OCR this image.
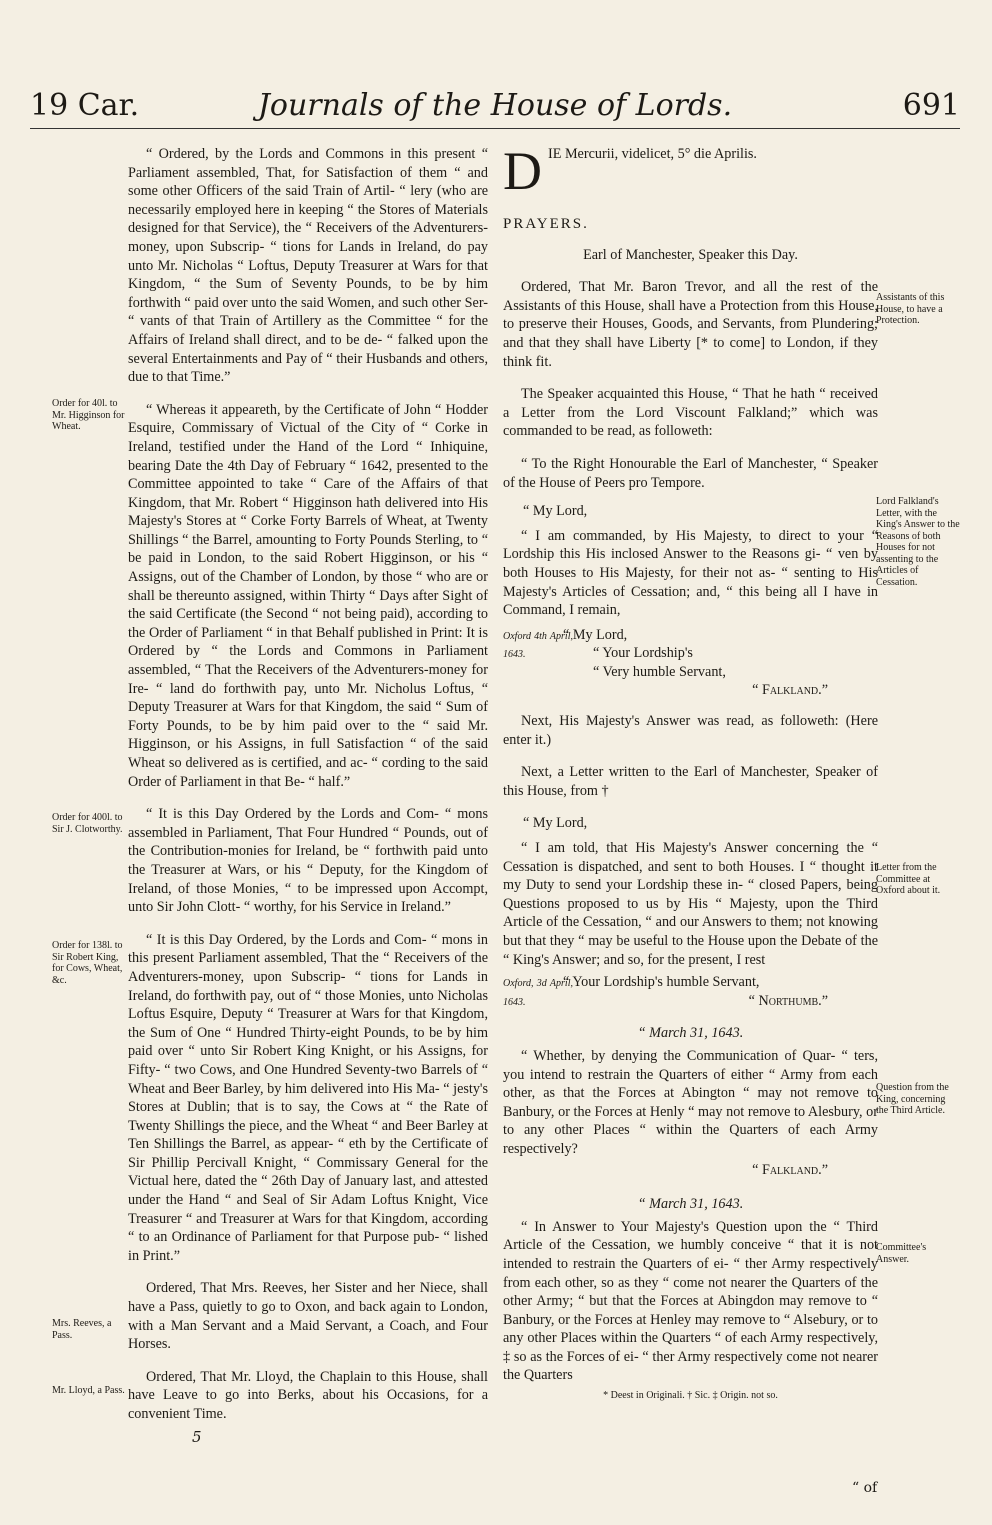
19 Car.	Journals of the House of Lords.	691
Order for 40l. to Mr. Higginson for Wheat.
Order for 400l. to Sir J. Clotworthy.
Order for 138l. to Sir Robert King, for Cows, Wheat, &c.
Mrs. Reeves, a Pass.
Mr. Lloyd, a Pass.

“ Ordered, by the Lords and Commons in this present “ Parliament assembled, That, for Satisfaction of them “ and some other Officers of the said Train of Artil- “ lery (who are necessarily employed here in keeping “ the Stores of Materials designed for that Service), the “ Receivers of the Adventurers-money, upon Subscrip- “ tions for Lands in Ireland, do pay unto Mr. Nicholas “ Loftus, Deputy Treasurer at Wars for that Kingdom, “ the Sum of Seventy Pounds, to be by him forthwith “ paid over unto the said Women, and such other Ser- “ vants of that Train of Artillery as the Committee “ for the Affairs of Ireland shall direct, and to be de- “ falked upon the several Entertainments and Pay of “ their Husbands and others, due to that Time.”

“ Whereas it appeareth, by the Certificate of John “ Hodder Esquire, Commissary of Victual of the City of “ Corke in Ireland, testified under the Hand of the Lord “ Inhiquine, bearing Date the 4th Day of February “ 1642, presented to the Committee appointed to take “ Care of the Affairs of that Kingdom, that Mr. Robert “ Higginson hath delivered into His Majesty's Stores at “ Corke Forty Barrels of Wheat, at Twenty Shillings “ the Barrel, amounting to Forty Pounds Sterling, to “ be paid in London, to the said Robert Higginson, or his “ Assigns, out of the Chamber of London, by those “ who are or shall be thereunto assigned, within Thirty “ Days after Sight of the said Certificate (the Second “ not being paid), according to the Order of Parliament “ in that Behalf published in Print: It is Ordered by “ the Lords and Commons in Parliament assembled, “ That the Receivers of the Adventurers-money for Ire- “ land do forthwith pay, unto Mr. Nicholus Loftus, “ Deputy Treasurer at Wars for that Kingdom, the said “ Sum of Forty Pounds, to be by him paid over to the “ said Mr. Higginson, or his Assigns, in full Satisfaction “ of the said Wheat so delivered as is certified, and ac- “ cording to the said Order of Parliament in that Be- “ half.”

“ It is this Day Ordered by the Lords and Com- “ mons assembled in Parliament, That Four Hundred “ Pounds, out of the Contribution-monies for Ireland, be “ forthwith paid unto the Treasurer at Wars, or his “ Deputy, for the Kingdom of Ireland, of those Monies, “ to be impressed upon Accompt, unto Sir John Clott- “ worthy, for his Service in Ireland.”

“ It is this Day Ordered, by the Lords and Com- “ mons in this present Parliament assembled, That the “ Receivers of the Adventurers-money, upon Subscrip- “ tions for Lands in Ireland, do forthwith pay, out of “ those Monies, unto Nicholas Loftus Esquire, Deputy “ Treasurer at Wars for that Kingdom, the Sum of One “ Hundred Thirty-eight Pounds, to be by him paid over “ unto Sir Robert King Knight, or his Assigns, for Fifty- “ two Cows, and One Hundred Seventy-two Barrels of “ Wheat and Beer Barley, by him delivered into His Ma- “ jesty's Stores at Dublin; that is to say, the Cows at “ the Rate of Twenty Shillings the piece, and the Wheat “ and Beer Barley at Ten Shillings the Barrel, as appear- “ eth by the Certificate of Sir Phillip Percivall Knight, “ Commissary General for the Victual here, dated the “ 26th Day of January last, and attested under the Hand “ and Seal of Sir Adam Loftus Knight, Vice Treasurer “ and Treasurer at Wars for that Kingdom, according “ to an Ordinance of Parliament for that Purpose pub- “ lished in Print.”

Ordered, That Mrs. Reeves, her Sister and her Niece, shall have a Pass, quietly to go to Oxon, and back again to London, with a Man Servant and a Maid Servant, a Coach, and Four Horses.

Ordered, That Mr. Lloyd, the Chaplain to this House, shall have Leave to go into Berks, about his Occasions, for a convenient Time.

Assistants of this House, to have a Protection.
Lord Falkland's Letter, with the King's Answer to the Reasons of both Houses for not assenting to the Articles of Cessation.
Letter from the Committee at Oxford about it.
Question from the King, concerning the Third Article.
Committee's Answer.
D IE Mercurii, videlicet, 5° die Aprilis.
PRAYERS.

Earl of Manchester, Speaker this Day.

Ordered, That Mr. Baron Trevor, and all the rest of the Assistants of this House, shall have a Protection from this House, to preserve their Houses, Goods, and Servants, from Plundering; and that they shall have Liberty [* to come] to London, if they think fit.

The Speaker acquainted this House, “ That he hath “ received a Letter from the Lord Viscount Falkland;” which was commanded to be read, as followeth:

“ To the Right Honourable the Earl of Manchester, “ Speaker of the House of Peers pro Tempore.

“ My Lord,

“ I am commanded, by His Majesty, to direct to your “ Lordship this His inclosed Answer to the Reasons gi- “ ven by both Houses to His Majesty, for their not as- “ senting to His Majesty's Articles of Cessation; and, “ this being all I have in Command, I remain,

Oxford 4th April, 1643.
“ My Lord,
“ Your Lordship's
“ Very humble Servant,
“ Falkland.”

Next, His Majesty's Answer was read, as followeth: (Here enter it.)

Next, a Letter written to the Earl of Manchester, Speaker of this House, from †

“ My Lord,

“ I am told, that His Majesty's Answer concerning the “ Cessation is dispatched, and sent to both Houses. I “ thought it my Duty to send your Lordship these in- “ closed Papers, being Questions proposed to us by His “ Majesty, upon the Third Article of the Cessation, “ and our Answers to them; not knowing but that they “ may be useful to the House upon the Debate of the “ King's Answer; and so, for the present, I rest

Oxford, 3d April, 1643.
“ Your Lordship's humble Servant,
“ Northumb.”

“ March 31, 1643.

“ Whether, by denying the Communication of Quar- “ ters, you intend to restrain the Quarters of either “ Army from each other, as that the Forces at Abington “ may not remove to Banbury, or the Forces at Henly “ may not remove to Alesbury, or to any other Places “ within the Quarters of each Army respectively?

“ Falkland.”

“ March 31, 1643.

“ In Answer to Your Majesty's Question upon the “ Third Article of the Cessation, we humbly conceive “ that it is not intended to restrain the Quarters of ei- “ ther Army respectively from each other, so as they “ come not nearer the Quarters of the other Army; “ but that the Forces at Abingdon may remove to “ Banbury, or the Forces at Henley may remove to “ Alsebury, or to any other Places within the Quarters “ of each Army respectively, ‡ so as the Forces of ei- “ ther Army respectively come not nearer the Quarters

* Deest in Originali. † Sic. ‡ Origin. not so.
5
“ of
